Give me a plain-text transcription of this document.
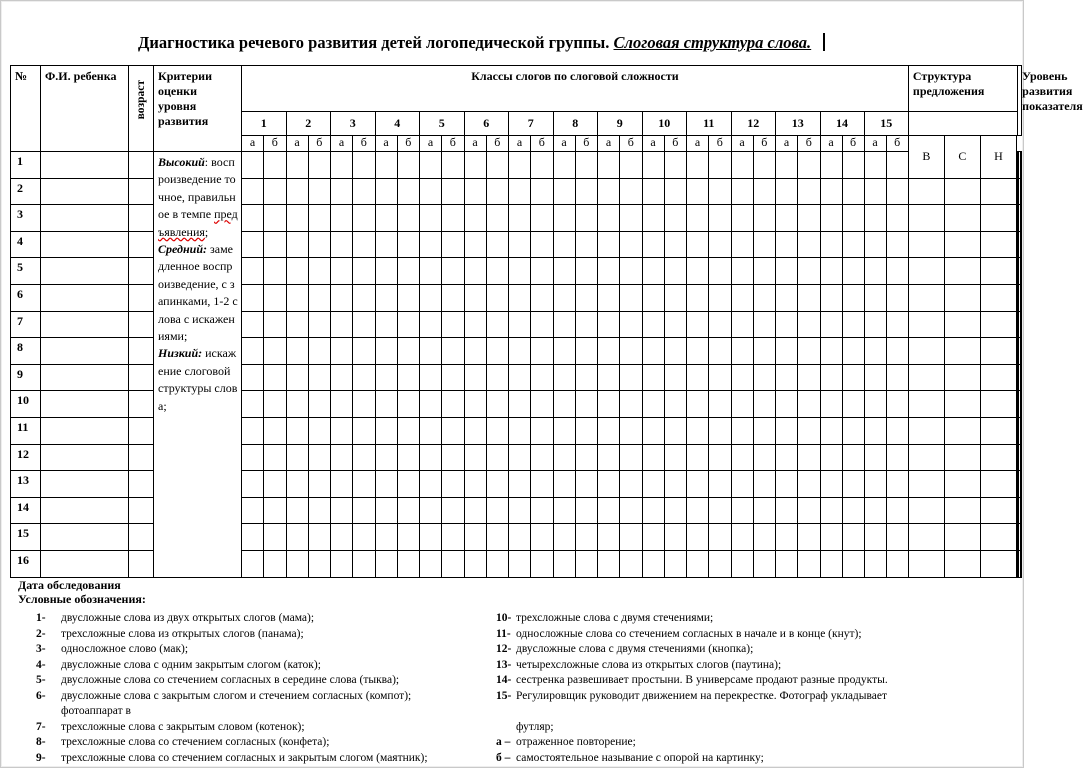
Диагностика речевого развития детей логопедической группы. Слоговая структура слова.
№	Ф.И. ребенка	возраст	Критерии оценки уровня развития	Классы слогов по слоговой сложности																														Структура предложения				Уровень развития показателя	
				1		2		3		4		5		6		7		8		9		10		11		12		13		14		15							
				а	б	а	б	а	б	а	б	а	б	а	б	а	б	а	б	а	б	а	б	а	б	а	б	а	б	а	б	а	б	В	С	Н			
1			Высокий: воспроизведение точное, правильное в темпе предъявления;
Средний: замедленное воспроизведение, с запинками, 1-2 слова с искажениями;
Низкий: искажение слоговой структуры слова;																																				
2																																							
3																																							
4																																							
5																																							
6																																							
7																																							
8																																							
9																																							
10																																							
11																																							
12																																							
13																																							
14																																							
15																																							
16																																							
Дата обследования
Условные обозначения:
1- двусложные слова из двух открытых слогов (мама);
2- трехсложные слова из открытых слогов (панама);
3- односложное слово (мак);
4- двусложные слова с одним закрытым слогом (каток);
5- двусложные слова со стечением согласных в середине слова (тыква);
6- двусложные слова с закрытым слогом и стечением согласных (компот);
фотоаппарат в
7- трехсложные слова с закрытым словом (котенок);
8- трехсложные слова со стечением согласных (конфета);
9- трехсложные слова со стечением согласных и закрытым слогом (маятник);
10- трехсложные слова с двумя стечениями;
11- односложные слова со стечением согласных в начале и в конце (кнут);
12- двусложные слова с двумя стечениями (кнопка);
13- четырехсложные слова из открытых слогов (паутина);
14- сестренка развешивает простыни. В универсаме продают разные продукты.
15- Регулировщик руководит движением на перекрестке. Фотограф укладывает
футляр;
а – отраженное повторение;
б – самостоятельное называние с опорой на картинку;
